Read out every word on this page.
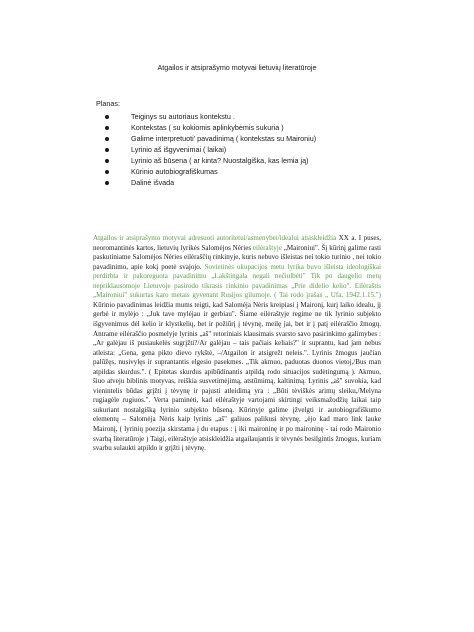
Atgailos ir atsiprašymo motyvai lietuvių literatūroje
Planas:
Teiginys su autoriaus kontekstu .
Kontekstas ( su kokiomis aplinkybėmis sukuria )
Galime interpretuoti' pavadinimą ( kontekstas su Maironiu)
Lyrinio aš išgyvenimai ( laikai)
Lyrinio aš būsena ( ar kinta? Nuostalgiška, kas lemia ją)
Kūrinio autobiografiškumas
Dalinė išvada

Atgailos ir atsiprašymo motyvai adresuoti autoritetui/asmenybei/idealui atsiskleidžia XX a. I puses, neoromantinės kartos, lietuvių lyrikės Salomėjos Nėries eilėraštyje „Maironiui". Šį kūrinį galime rasti paskutiniame Salomėjos Nėries eilėraščių rinkinyje, kuris nebuvo išleistas nei tokio turinio , nei tokio pavadinimo, apie kokį poetė svajojo. Sovietinės okupacijos metu lyrika buvo išleista ideologiškai perdirbta ir pakoreguota pavadinimu „Lakštingala negali nečiulbėti" Tik po daugelio metų nepriklausomoje Lietuvoje pasirodo tikrasis rinkinio pavadinimas „Prie didelio kelio". Eilėraštis „Maironiui" sukurtas karo metais gyvenant Rusijos gilumoje. ( Tai rodo įrašas „ Ufa, 1942.1.15.") Kūrinio pavadinimas leidžia mums teigti, kad Salomėja Nėris kreipiasi į Maironį, kurį laiko idealu, jį gerbė ir mylėjo : „Juk tave mylėjau ir gerbiau". Šiame eilėraštyje regime ne tik lyrinio subjekto išgyvenimus dėl kelio ir klystkelių, bet ir požiūrį į tėvynę, meilę jai, bet ir į patį eilėraščio žmogų. Antrame eilėraščio posmelyje lyrinis „aš" retoriniais klausimais svarsto savo pasirinkimo galimybes : „Ar galėjau iš pusiaukelės sugrįžti?/Ar galėjau – tais pačiais keliais?" ir suprantu, kad jam nebus atleista: „Gena, gena pikto dievo rykštė, –/Atgailon ir atsigrežt neleis.". Lyrinis žmogus jaučian palūžęs, nusivylęs ir suprantantis elgesio pasekmes. „Tik akmuo, paduotas duonos vietoj,/Bus man atpildas skurdus.". ( Epitetas skurdus apibūdinantis atpildą rodo situacijos sudėtingumą ). Akmuo, šiuo atveju biblinis motyvas, reiškia susvetimėjimą, atstūmimą, kaltinimą. Lyrinis „aš" suvokia, kad vienintelis būdas grįžti į tėvynę ir pajusti atleidimą yra : „Būti tėviškės arimų sleiku,/Melyna rugiagėle rugiuos.". Verta paminėti, kad eilėraštyje vartojami skirtingi veiksmažodžių laikai taip sukuriant nostalgišką lyrinio subjekto būseną. Kūrinyje galime įžvelgti ir autobiografiškumo elementų – Salomėja Nėris kaip lyrinis „aš" galiuos palikusi tėvynę, „ėjo kad maro link lauke Maironį, ( lyrinių poezija skirstama į du etapus : į iki maironinę ir po maironinę - tai rodo Maironio svarbą literatūroje ) Taigi, eilėraštyje atsiskleidžia atgailaujantis ir tėvynės besilgintis žmogus, kuriam svarbu sulaukti atpildo ir grįžti į tėvynę.
